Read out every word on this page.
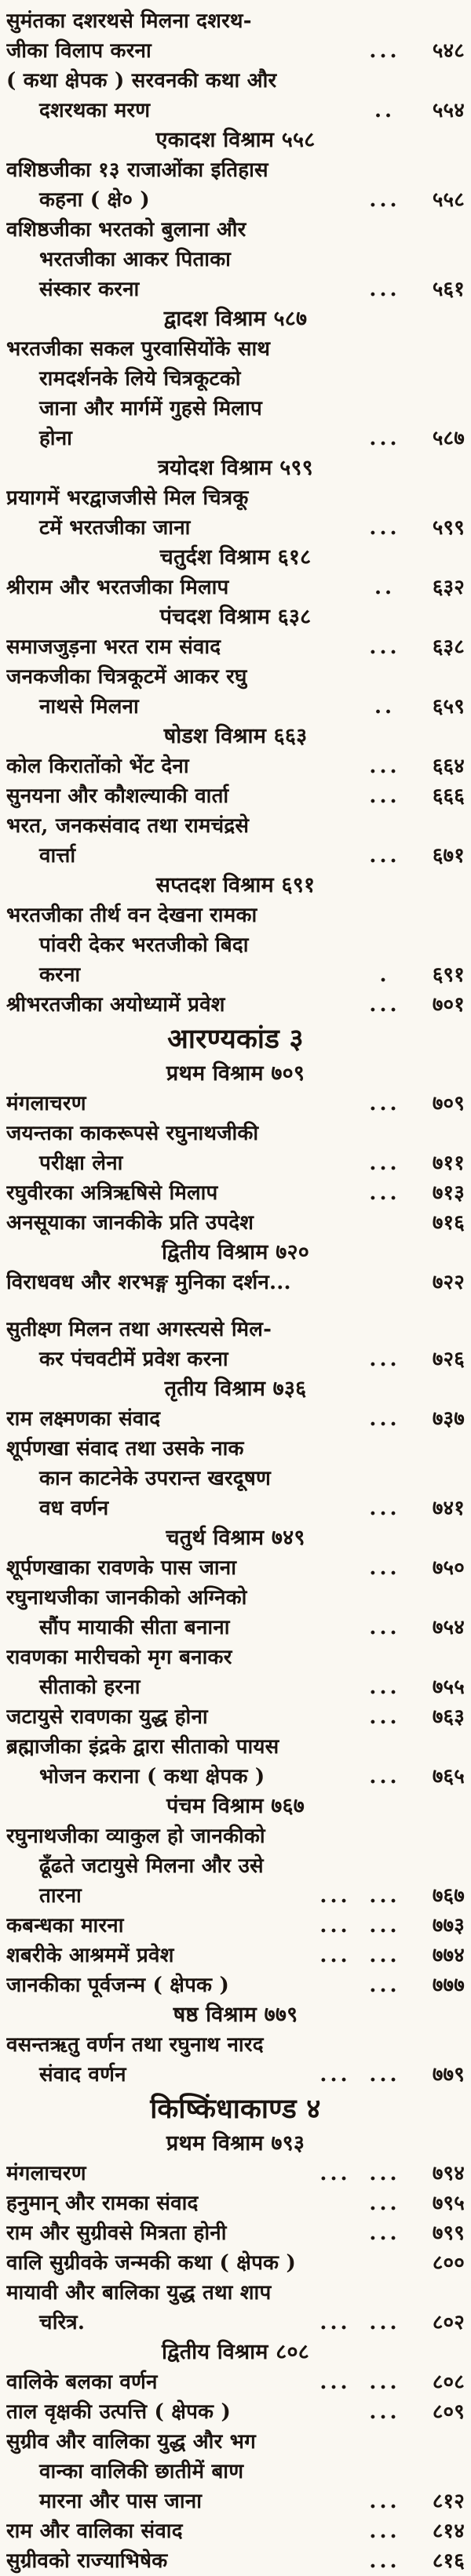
सुमंतका दशरथसे मिलना दशरथ-
जीका विलाप करना	...	५४८
( कथा क्षेपक ) सरवनकी कथा और
दशरथका मरण	..	५५४
एकादश विश्राम ५५८
वशिष्ठजीका १३ राजाओंका इतिहास
कहना ( क्षे० )	...	५५८
वशिष्ठजीका भरतको बुलाना और
भरतजीका आकर पिताका
संस्कार करना	...	५६१
द्वादश विश्राम ५८७
भरतजीका सकल पुरवासियोंके साथ
रामदर्शनके लिये चित्रकूटको
जाना और मार्गमें गुहसे मिलाप
होना	...	५८७
त्रयोदश विश्राम ५९९
प्रयागमें भरद्वाजजीसे मिल चित्रकू
टमें भरतजीका जाना	...	५९९
चतुर्दश विश्राम ६१८
श्रीराम और भरतजीका मिलाप	..	६३२
पंचदश विश्राम ६३८
समाजजुड़ना भरत राम संवाद	...	६३८
जनकजीका चित्रकूटमें आकर रघु
नाथसे मिलना	..	६५९
षोडश विश्राम ६६३
कोल किरातोंको भेंट देना	...	६६४
सुनयना और कौशल्याकी वार्ता	...	६६६
भरत, जनकसंवाद तथा रामचंद्रसे
वार्त्ता	...	६७१
सप्तदश विश्राम ६९१
भरतजीका तीर्थ वन देखना रामका
पांवरी देकर भरतजीको बिदा
करना	.	६९१
श्रीभरतजीका अयोध्यामें प्रवेश	...	७०१
आरण्यकांड ३
प्रथम विश्राम ७०९
मंगलाचरण	...	७०९
जयन्तका काकरूपसे रघुनाथजीकी
परीक्षा लेना	...	७११
रघुवीरका अत्रिऋषिसे मिलाप	...	७१३
अनसूयाका जानकीके प्रति उपदेश	७१६
द्वितीय विश्राम ७२०
विराधवध और शरभङ्ग मुनिका दर्शन...	७२२
सुतीक्ष्ण मिलन तथा अगस्त्यसे मिल-
कर पंचवटीमें प्रवेश करना	...	७२६
तृतीय विश्राम ७३६
राम लक्ष्मणका संवाद	...	७३७
शूर्पणखा संवाद तथा उसके नाक
कान काटनेके उपरान्त खरदूषण
वध वर्णन	...	७४१
चतुर्थ विश्राम ७४९
शूर्पणखाका रावणके पास जाना	...	७५०
रघुनाथजीका जानकीको अग्निको
सौंप मायाकी सीता बनाना	...	७५४
रावणका मारीचको मृग बनाकर
सीताको हरना	...	७५५
जटायुसे रावणका युद्ध होना	...	७६३
ब्रह्माजीका इंद्रके द्वारा सीताको पायस
भोजन कराना ( कथा क्षेपक )	...	७६५
पंचम विश्राम ७६७
रघुनाथजीका व्याकुल हो जानकीको
ढूँढते जटायुसे मिलना और उसे
तारना	... ...	७६७
कबन्धका मारना	... ...	७७३
शबरीके आश्रममें प्रवेश	... ...	७७४
जानकीका पूर्वजन्म ( क्षेपक )	...	७७७
षष्ठ विश्राम ७७९
वसन्तऋतु वर्णन तथा रघुनाथ नारद
संवाद वर्णन	... ...	७७९
किष्किंधाकाण्ड ४
प्रथम विश्राम ७९३
मंगलाचरण	... ...	७९४
हनुमान् और रामका संवाद	...	७९५
राम और सुग्रीवसे मित्रता होनी	...	७९९
वालि सुग्रीवके जन्मकी कथा ( क्षेपक )	८००
मायावी और बालिका युद्ध तथा शाप
चरित्र.	... ...	८०२
द्वितीय विश्राम ८०८
वालिके बलका वर्णन	... ...	८०८
ताल वृक्षकी उत्पत्ति ( क्षेपक )	...	८०९
सुग्रीव और वालिका युद्ध और भग
वान्का वालिकी छातीमें बाण
मारना और पास जाना	...	८१२
राम और वालिका संवाद	...	८१४
सुग्रीवको राज्याभिषेक	...	८१६
